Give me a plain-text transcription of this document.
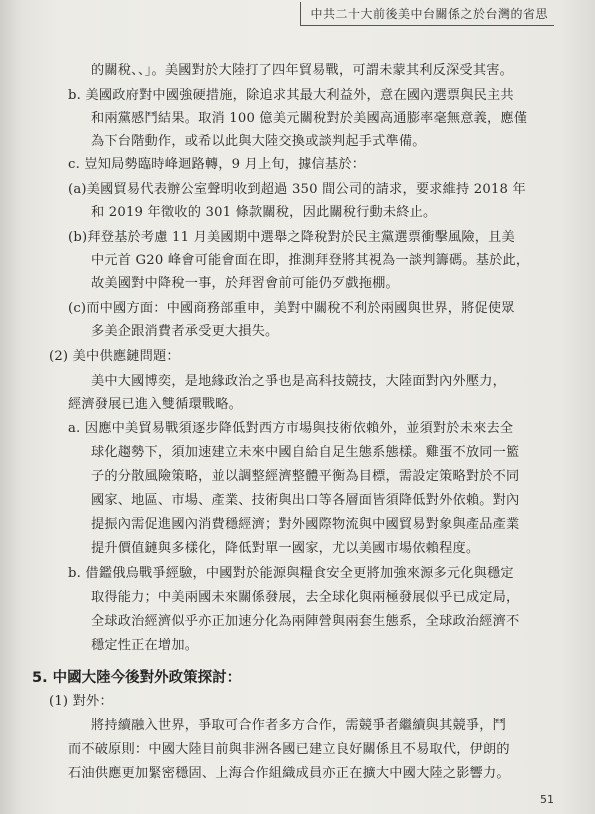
中共二十大前後美中台關係之於台灣的省思
的關稅、、」。美國對於大陸打了四年貿易戰，可謂未蒙其利反深受其害。
b. 美國政府對中國強硬措施，除追求其最大利益外，意在國內選票與民主共
和兩黨慼鬥結果。取消 100 億美元關稅對於美國高通膨率毫無意義，應僅
為下台階動作，或希以此與大陸交換或談判起手式準備。
c. 豈知局勢臨時峰迴路轉，9 月上旬，據信基於：
(a)美國貿易代表辦公室聲明收到超過 350 間公司的請求，要求維持 2018 年
和 2019 年徵收的 301 條款關稅，因此關稅行動未終止。
(b)拜登基於考慮 11 月美國期中選舉之降稅對於民主黨選票衝擊風險，且美
中元首 G20 峰會可能會面在即，推測拜登將其視為一談判籌碼。基於此，
故美國對中降稅一事，於拜習會前可能仍歹戲拖棚。
(c)而中國方面：中國商務部重申，美對中關稅不利於兩國與世界，將促使眾
多美企跟消費者承受更大損失。
(2) 美中供應鏈問題：
美中大國博奕，是地緣政治之爭也是高科技競技，大陸面對內外壓力，
經濟發展已進入雙循環戰略。
a. 因應中美貿易戰須逐步降低對西方市場與技術依賴外，並須對於未來去全
球化趨勢下，須加速建立未來中國自給自足生態系態樣。雞蛋不放同一籃
子的分散風險策略，並以調整經濟整體平衡為目標，需設定策略對於不同
國家、地區、市場、產業、技術與出口等各層面皆須降低對外依賴。對內
提振內需促進國內消費穩經濟；對外國際物流與中國貿易對象與產品產業
提升價值鏈與多樣化，降低對單一國家，尤以美國市場依賴程度。
b. 借鑑俄烏戰爭經驗，中國對於能源與糧食安全更將加強來源多元化與穩定
取得能力；中美兩國未來關係發展，去全球化與兩極發展似乎已成定局，
全球政治經濟似乎亦正加速分化為兩陣營與兩套生態系，全球政治經濟不
穩定性正在增加。
5. 中國大陸今後對外政策探討：
(1) 對外：
將持續融入世界，爭取可合作者多方合作，需競爭者繼續與其競爭，鬥
而不破原則：中國大陸目前與非洲各國已建立良好關係且不易取代，伊朗的
石油供應更加緊密穩固、上海合作組織成員亦正在擴大中國大陸之影響力。
51
